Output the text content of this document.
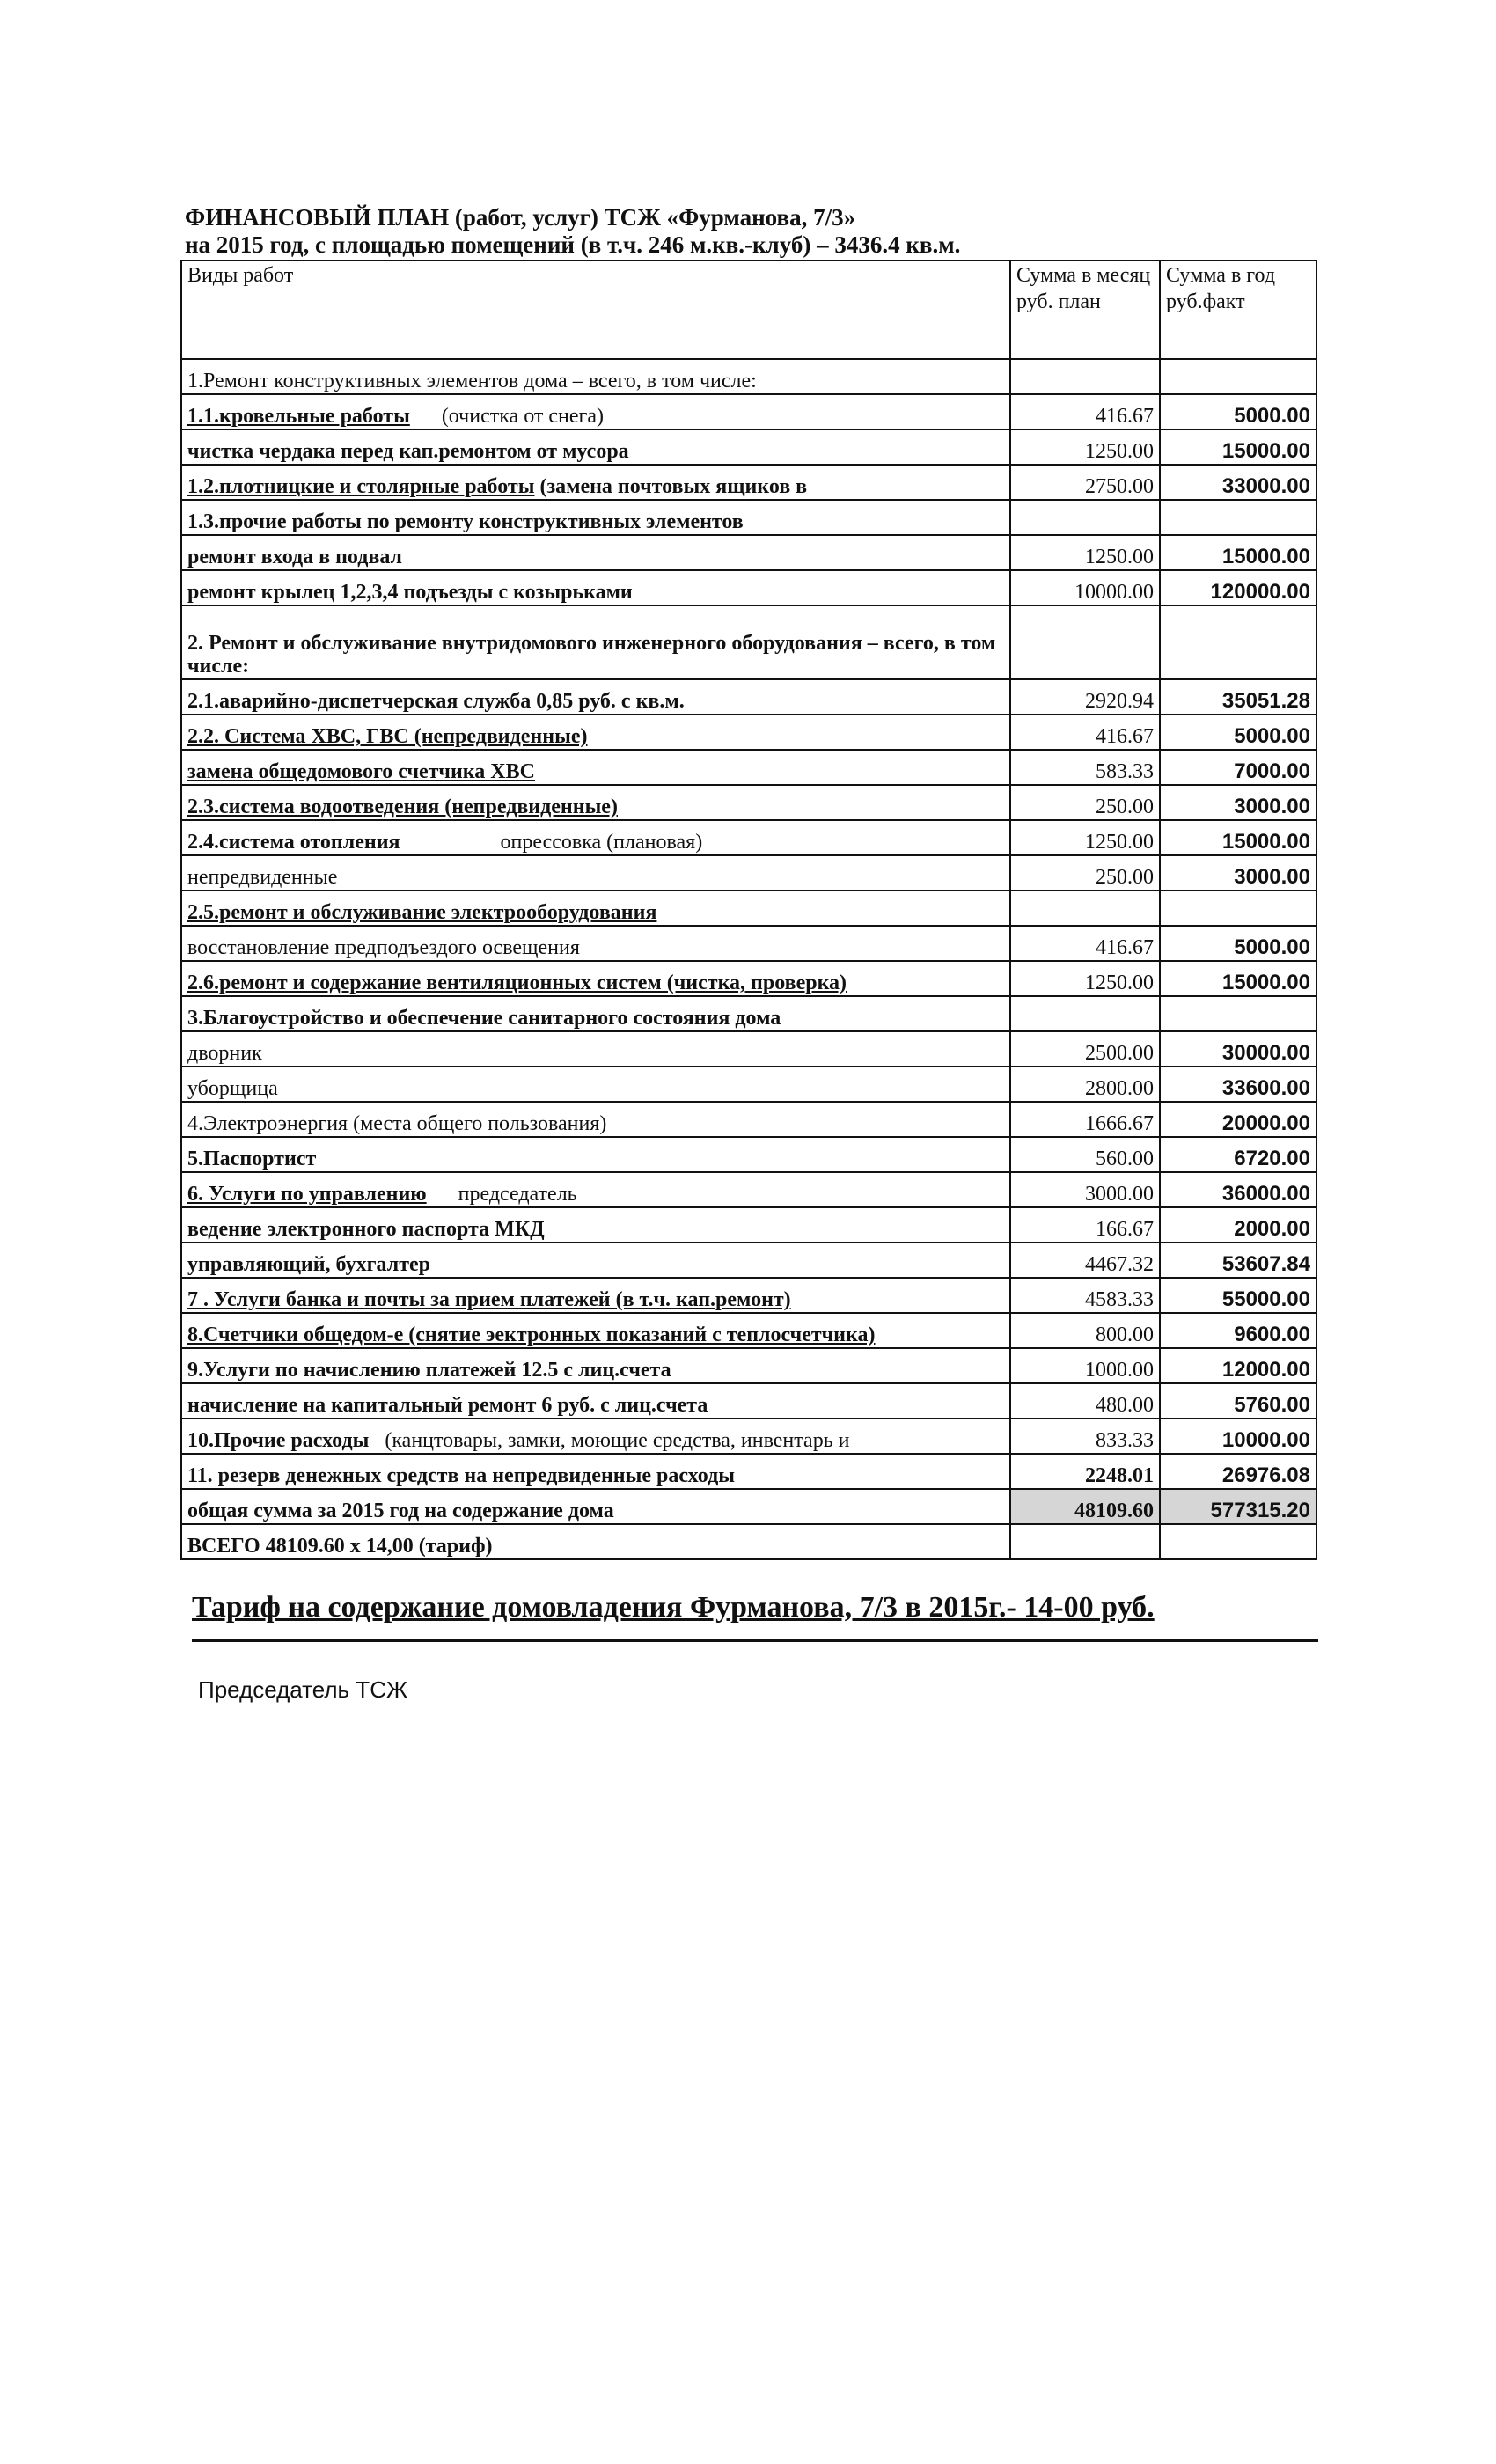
ФИНАНСОВЫЙ ПЛАН (работ, услуг) ТСЖ «Фурманова, 7/3»
на 2015 год, с площадью помещений (в т.ч. 246 м.кв.-клуб) – 3436.4 кв.м.
Виды работ	Сумма в месяц руб. план	Сумма в год руб.факт
1.Ремонт конструктивных элементов дома – всего, в том числе:		
1.1.кровельные работы (очистка от снега)	416.67	5000.00
чистка чердака перед кап.ремонтом от мусора	1250.00	15000.00
1.2.плотницкие и столярные работы (замена почтовых ящиков в	2750.00	33000.00
1.3.прочие работы по ремонту конструктивных элементов		
ремонт входа в подвал	1250.00	15000.00
ремонт крылец 1,2,3,4 подъезды с козырьками	10000.00	120000.00
2. Ремонт и обслуживание внутридомового инженерного оборудования – всего, в том числе:		
2.1.аварийно-диспетчерская служба 0,85 руб. с кв.м.	2920.94	35051.28
2.2. Система ХВС, ГВС (непредвиденные)	416.67	5000.00
замена общедомового счетчика ХВС	583.33	7000.00
2.3.система водоотведения (непредвиденные)	250.00	3000.00
2.4.система отопления опрессовка (плановая)	1250.00	15000.00
непредвиденные	250.00	3000.00
2.5.ремонт и обслуживание электрооборудования		
восстановление предподъездого освещения	416.67	5000.00
2.6.ремонт и содержание вентиляционных систем (чистка, проверка)	1250.00	15000.00
3.Благоустройство и обеспечение санитарного состояния дома		
дворник	2500.00	30000.00
уборщица	2800.00	33600.00
4.Электроэнергия (места общего пользования)	1666.67	20000.00
5.Паспортист	560.00	6720.00
6. Услуги по управлению председатель	3000.00	36000.00
ведение электронного паспорта МКД	166.67	2000.00
управляющий, бухгалтер	4467.32	53607.84
7 . Услуги банка и почты за прием платежей (в т.ч. кап.ремонт)	4583.33	55000.00
8.Счетчики общедом-е (снятие эектронных показаний с теплосчетчика)	800.00	9600.00
9.Услуги по начислению платежей 12.5 с лиц.счета	1000.00	12000.00
начисление на капитальный ремонт 6 руб. с лиц.счета	480.00	5760.00
10.Прочие расходы (канцтовары, замки, моющие средства, инвентарь и	833.33	10000.00
11. резерв денежных средств на непредвиденные расходы	2248.01	26976.08
общая сумма за 2015 год на содержание дома	48109.60	577315.20
ВСЕГО 48109.60 х 14,00 (тариф)		
Тариф на содержание домовладения Фурманова, 7/3 в 2015г.- 14-00 руб.
Председатель ТСЖ
